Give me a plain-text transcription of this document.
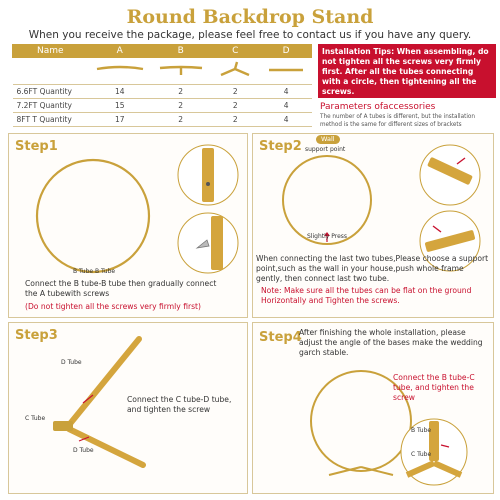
Round Backdrop Stand
When you receive the package, please feel free to contact us if you have any query.
Name	A	B	C	D

6.6FT Quantity	14	2	2	4
7.2FT Quantity	15	2	2	4
8FT T Quantity	17	2	2	4
Installation Tips: When assembling, do not tighten all the screws very firmly first. After all the tubes connecting with a circle, then tightening all the screws.
Parameters ofaccessories
The number of A tubes is different, but the installation method is the same for different sizes of brackets
Step1
B Tube B Tube
Connect the B tube-B tube then gradually connect the A tubewith screws
(Do not tighten all the screws very firmly first)
Step2	Wall
support point
Slightly Press
When connecting the last two tubes,Please choose a support point,such as the wall in your house,push whole frame gently, then connect last two tube.
Note: Make sure all the tubes can be flat on the ground Horizontally and Tighten the screws.
Step3
D Tube
C Tube
D Tube
Connect the C tube-D tube, and tighten the screw
Step4
After finishing the whole installation, please adjust the angle of the bases make the wedding garch stable.
Connect the B tube-C tube, and tighten the screw
B Tube
C Tube
